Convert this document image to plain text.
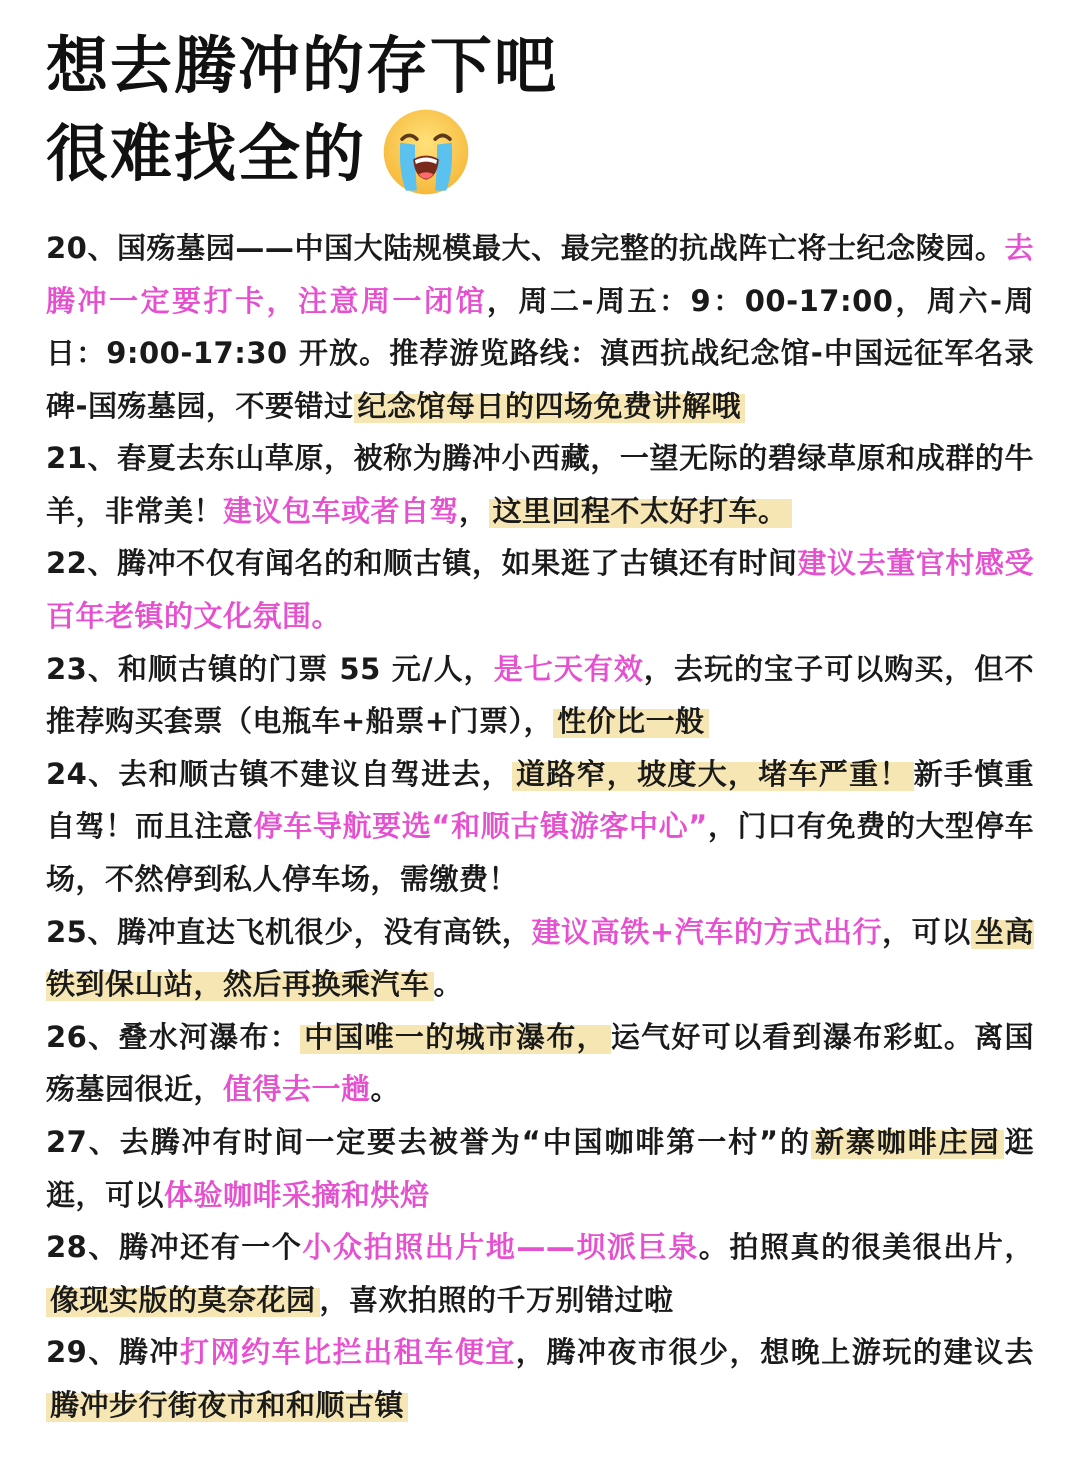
想去腾冲的存下吧
很难找全的

20、国殇墓园——中国大陆规模最大、最完整的抗战阵亡将士纪念陵园。去腾冲一定要打卡，注意周一闭馆，周二-周五：9：00-17:00，周六-周日：9:00-17:30 开放。推荐游览路线：滇西抗战纪念馆-中国远征军名录碑-国殇墓园，不要错过 纪念馆每日的四场免费讲解哦

21、春夏去东山草原，被称为腾冲小西藏，一望无际的碧绿草原和成群的牛羊，非常美！建议包车或者自驾， 这里回程不太好打车。

22、腾冲不仅有闻名的和顺古镇，如果逛了古镇还有时间建议去董官村感受百年老镇的文化氛围。

23、和顺古镇的门票 55 元/人，是七天有效，去玩的宝子可以购买，但不推荐购买套票（电瓶车+船票+门票）， 性价比一般

24、去和顺古镇不建议自驾进去， 道路窄，坡度大，堵车严重！ 新手慎重自驾！而且注意停车导航要选“和顺古镇游客中心”，门口有免费的大型停车场，不然停到私人停车场，需缴费！

25、腾冲直达飞机很少，没有高铁，建议高铁+汽车的方式出行，可以 坐高铁到保山站，然后再换乘汽车 。

26、叠水河瀑布： 中国唯一的城市瀑布， 运气好可以看到瀑布彩虹。离国殇墓园很近，值得去一趟。

27、去腾冲有时间一定要去被誉为“中国咖啡第一村”的 新寨咖啡庄园 逛逛，可以体验咖啡采摘和烘焙

28、腾冲还有一个小众拍照出片地——坝派巨泉。拍照真的很美很出片，像现实版的莫奈花园 ，喜欢拍照的千万别错过啦

29、腾冲打网约车比拦出租车便宜，腾冲夜市很少，想晚上游玩的建议去腾冲步行街夜市和和顺古镇
